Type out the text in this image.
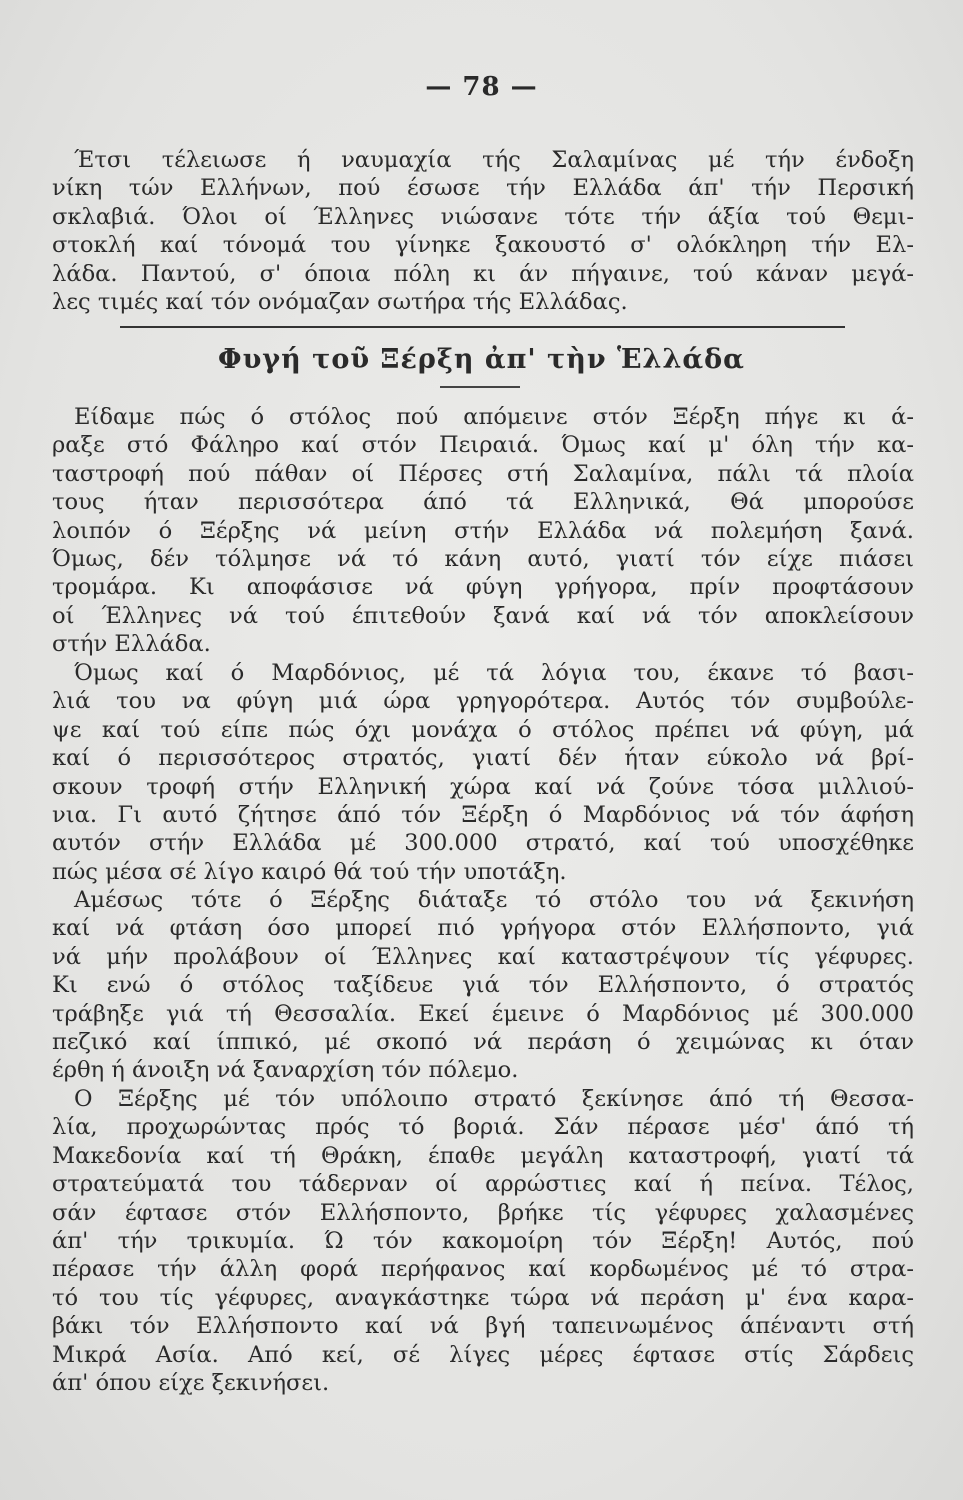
— 78 —
Έτσι τέλειωσε ή ναυμαχία τής Σαλαμίνας μέ τήν ένδοξη
νίκη τών Ελλήνων, πού έσωσε τήν Ελλάδα άπ' τήν Περσική
σκλαβιά. Όλοι οί Έλληνες νιώσανε τότε τήν άξία τού Θεμι-
στοκλή καί τόνομά του γίνηκε ξακουστό σ' ολόκληρη τήν Ελ-
λάδα. Παντού, σ' όποια πόλη κι άν πήγαινε, τού κάναν μεγά-
λες τιμές καί τόν ονόμαζαν σωτήρα τής Ελλάδας.
Φυγή τοῦ Ξέρξη ἀπ' τὴν Ἑλλάδα
Είδαμε πώς ό στόλος πού απόμεινε στόν Ξέρξη πήγε κι ά-
ραξε στό Φάληρο καί στόν Πειραιά. Όμως καί μ' όλη τήν κα-
ταστροφή πού πάθαν οί Πέρσες στή Σαλαμίνα, πάλι τά πλοία
τους ήταν περισσότερα άπό τά Ελληνικά, Θά μπορούσε
λοιπόν ό Ξέρξης νά μείνη στήν Ελλάδα νά πολεμήση ξανά.
Όμως, δέν τόλμησε νά τό κάνη αυτό, γιατί τόν είχε πιάσει
τρομάρα. Κι αποφάσισε νά φύγη γρήγορα, πρίν προφτάσουν
οί Έλληνες νά τού έπιτεθούν ξανά καί νά τόν αποκλείσουν
στήν Ελλάδα.
Όμως καί ό Μαρδόνιος, μέ τά λόγια του, έκανε τό βασι-
λιά του να φύγη μιά ώρα γρηγορότερα. Αυτός τόν συμβούλε-
ψε καί τού είπε πώς όχι μονάχα ό στόλος πρέπει νά φύγη, μά
καί ό περισσότερος στρατός, γιατί δέν ήταν εύκολο νά βρί-
σκουν τροφή στήν Ελληνική χώρα καί νά ζούνε τόσα μιλλιού-
νια. Γι αυτό ζήτησε άπό τόν Ξέρξη ό Μαρδόνιος νά τόν άφήση
αυτόν στήν Ελλάδα μέ 300.000 στρατό, καί τού υποσχέθηκε
πώς μέσα σέ λίγο καιρό θά τού τήν υποτάξη.
Αμέσως τότε ό Ξέρξης διάταξε τό στόλο του νά ξεκινήση
καί νά φτάση όσο μπορεί πιό γρήγορα στόν Ελλήσποντο, γιά
νά μήν προλάβουν οί Έλληνες καί καταστρέψουν τίς γέφυρες.
Κι ενώ ό στόλος ταξίδευε γιά τόν Ελλήσποντο, ό στρατός
τράβηξε γιά τή Θεσσαλία. Εκεί έμεινε ό Μαρδόνιος μέ 300.000
πεζικό καί ίππικό, μέ σκοπό νά περάση ό χειμώνας κι όταν
έρθη ή άνοιξη νά ξαναρχίση τόν πόλεμο.
Ο Ξέρξης μέ τόν υπόλοιπο στρατό ξεκίνησε άπό τή Θεσσα-
λία, προχωρώντας πρός τό βοριά. Σάν πέρασε μέσ' άπό τή
Μακεδονία καί τή Θράκη, έπαθε μεγάλη καταστροφή, γιατί τά
στρατεύματά του τάδερναν οί αρρώστιες καί ή πείνα. Τέλος,
σάν έφτασε στόν Ελλήσποντο, βρήκε τίς γέφυρες χαλασμένες
άπ' τήν τρικυμία. Ώ τόν κακομοίρη τόν Ξέρξη! Αυτός, πού
πέρασε τήν άλλη φορά περήφανος καί κορδωμένος μέ τό στρα-
τό του τίς γέφυρες, αναγκάστηκε τώρα νά περάση μ' ένα καρα-
βάκι τόν Ελλήσποντο καί νά βγή ταπεινωμένος άπέναντι στή
Μικρά Ασία. Από κεί, σέ λίγες μέρες έφτασε στίς Σάρδεις
άπ' όπου είχε ξεκινήσει.
